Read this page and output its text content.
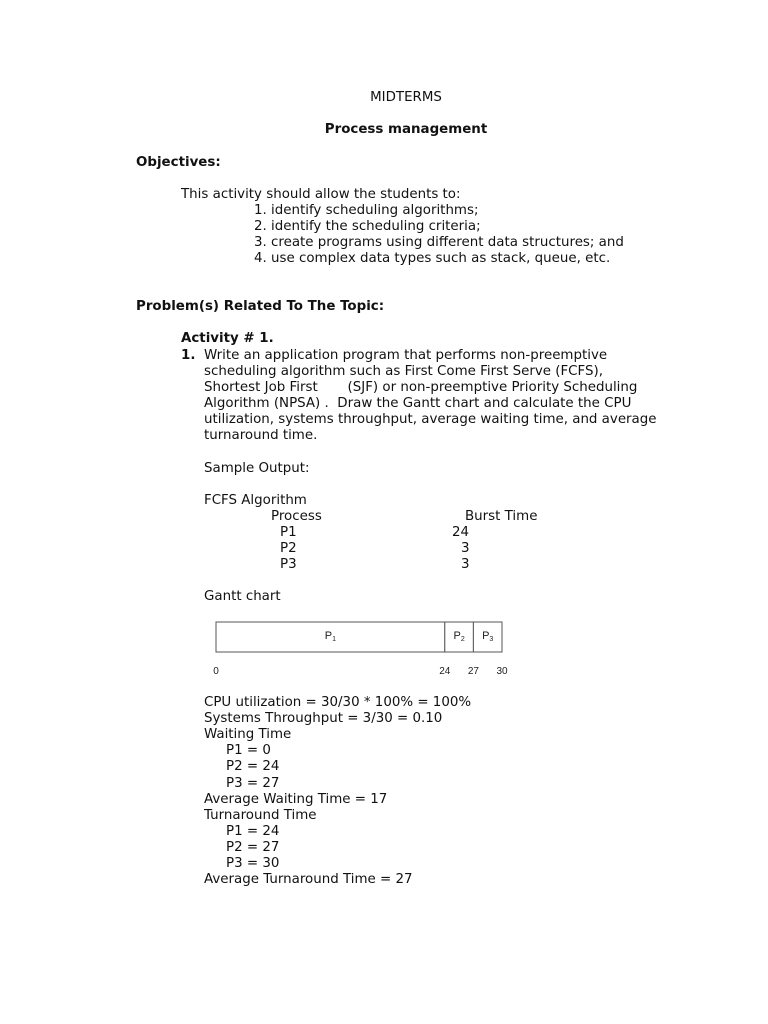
MIDTERMS
Process management
Objectives:
This activity should allow the students to:
1. identify scheduling algorithms;
2. identify the scheduling criteria;
3. create programs using different data structures; and
4. use complex data types such as stack, queue, etc.
Problem(s) Related To The Topic:
Activity # 1.
1. Write an application program that performs non-preemptive
scheduling algorithm such as First Come First Serve (FCFS),
Shortest Job First       (SJF) or non-preemptive Priority Scheduling
Algorithm (NPSA) .  Draw the Gantt chart and calculate the CPU
utilization, systems throughput, average waiting time, and average
turnaround time.
Sample Output:
FCFS Algorithm
Process	Burst Time
P1	24
P2	3
P3	3
Gantt chart
P1	P2 P3
0	24 27 30
CPU utilization = 30/30 * 100% = 100%
Systems Throughput = 3/30 = 0.10
Waiting Time
P1 = 0
P2 = 24
P3 = 27
Average Waiting Time = 17
Turnaround Time
P1 = 24
P2 = 27
P3 = 30
Average Turnaround Time = 27
